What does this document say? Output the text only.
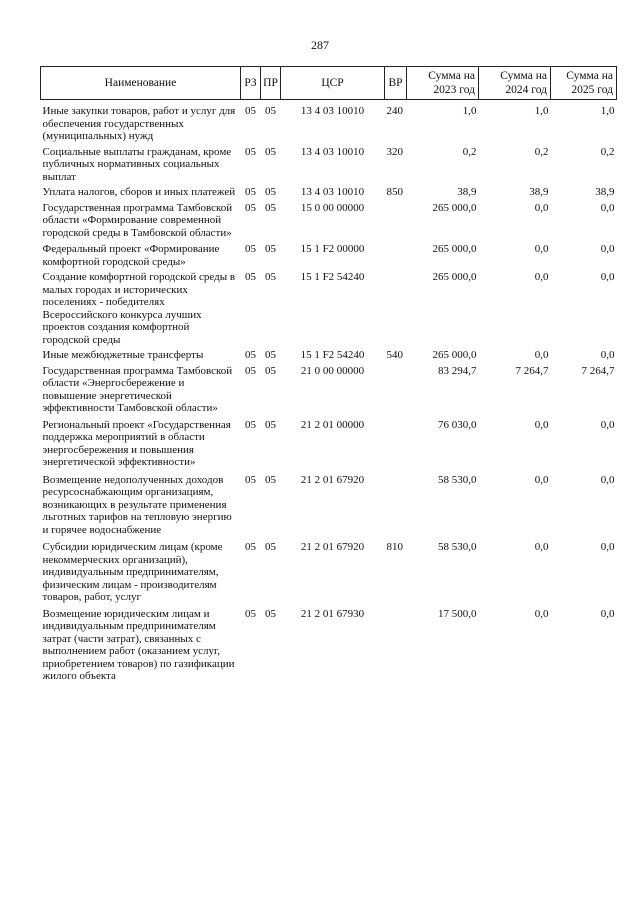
287
Наименование	РЗ	ПР	ЦСР	ВР	Сумма на 2023 год	Сумма на 2024 год	Сумма на 2025 год
Иные закупки товаров, работ и услуг для обеспечения государственных (муниципальных) нужд	05	05	13 4 03 10010	240	1,0	1,0	1,0
Социальные выплаты гражданам, кроме публичных нормативных социальных выплат	05	05	13 4 03 10010	320	0,2	0,2	0,2
Уплата налогов, сборов и иных платежей	05	05	13 4 03 10010	850	38,9	38,9	38,9
Государственная программа Тамбовской области «Формирование современной городской среды в Тамбовской области»	05	05	15 0 00 00000		265 000,0	0,0	0,0
Федеральный проект «Формирование комфортной городской среды»	05	05	15 1 F2 00000		265 000,0	0,0	0,0
Создание комфортной городской среды в малых городах и исторических поселениях - победителях Всероссийского конкурса лучших проектов создания комфортной городской среды	05	05	15 1 F2 54240		265 000,0	0,0	0,0
Иные межбюджетные трансферты	05	05	15 1 F2 54240	540	265 000,0	0,0	0,0
Государственная программа Тамбовской области «Энергосбережение и повышение энергетической эффективности Тамбовской области»	05	05	21 0 00 00000		83 294,7	7 264,7	7 264,7
Региональный проект «Государственная поддержка мероприятий в области энергосбережения и повышения энергетической эффективности»	05	05	21 2 01 00000		76 030,0	0,0	0,0
Возмещение недополученных доходов ресурсоснабжающим организациям, возникающих в результате применения льготных тарифов на тепловую энергию и горячее водоснабжение	05	05	21 2 01 67920		58 530,0	0,0	0,0
Субсидии юридическим лицам (кроме некоммерческих организаций), индивидуальным предпринимателям, физическим лицам - производителям товаров, работ, услуг	05	05	21 2 01 67920	810	58 530,0	0,0	0,0
Возмещение юридическим лицам и индивидуальным предпринимателям затрат (части затрат), связанных с выполнением работ (оказанием услуг, приобретением товаров) по газификации жилого объекта	05	05	21 2 01 67930		17 500,0	0,0	0,0
